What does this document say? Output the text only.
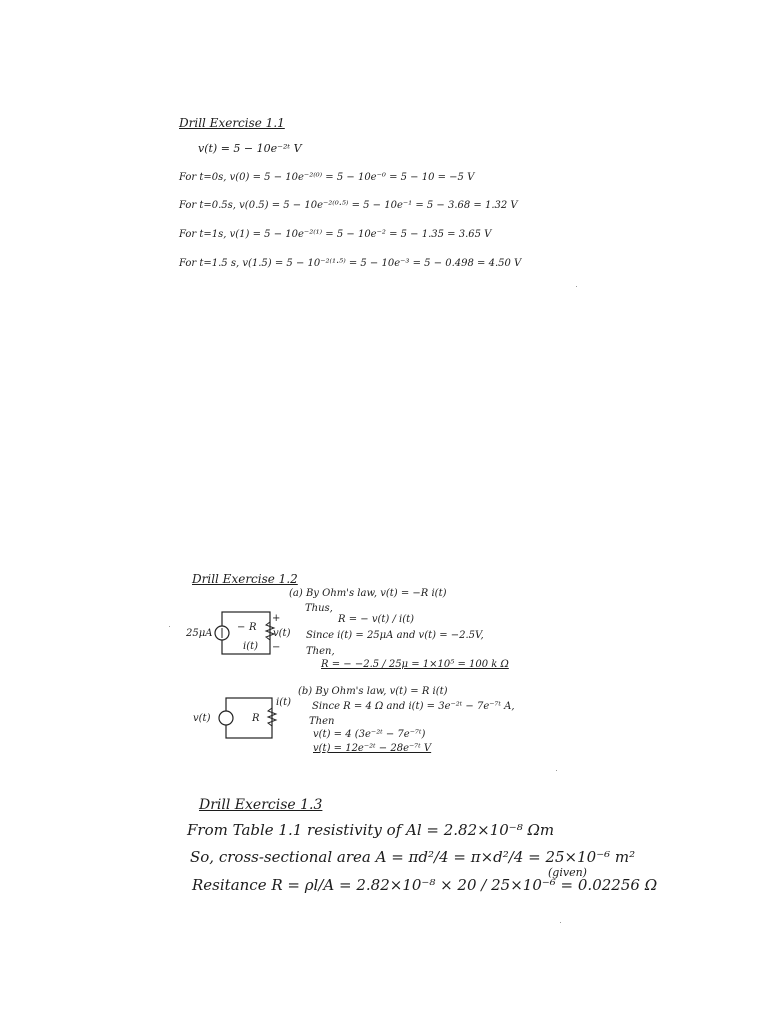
Drill Exercise 1.1
v(t) = 5 − 10e⁻²ᵗ V
For t=0s, v(0) = 5 − 10e⁻²⁽⁰⁾ = 5 − 10e⁻⁰ = 5 − 10 = −5 V
For t=0.5s, v(0.5) = 5 − 10e⁻²⁽⁰·⁵⁾ = 5 − 10e⁻¹ = 5 − 3.68 = 1.32 V
For t=1s, v(1) = 5 − 10e⁻²⁽¹⁾ = 5 − 10e⁻² = 5 − 1.35 = 3.65 V
For t=1.5 s, v(1.5) = 5 − 10⁻²⁽¹·⁵⁾ = 5 − 10e⁻³ = 5 − 0.498 = 4.50 V
Drill Exercise 1.2
25μA
− R
+
v(t)
−
i(t)
(a) By Ohm's law, v(t) = −R i(t)
Thus,
R = − v(t) / i(t)
Since i(t) = 25μA and v(t) = −2.5V,
Then,
R = − −2.5 / 25μ = 1×10⁵ = 100 k Ω
v(t)	R
i(t)
(b) By Ohm's law, v(t) = R i(t)
Since R = 4 Ω and i(t) = 3e⁻²ᵗ − 7e⁻⁷ᵗ A,
Then
v(t) = 4 (3e⁻²ᵗ − 7e⁻⁷ᵗ)
v(t) = 12e⁻²ᵗ − 28e⁻⁷ᵗ V
Drill Exercise 1.3
From Table 1.1 resistivity of Al = 2.82×10⁻⁸ Ωm
So, cross-sectional area A = πd²/4 = π×d²/4 = 25×10⁻⁶ m²
(given)
Resitance R = ρl/A = 2.82×10⁻⁸ × 20 / 25×10⁻⁶ = 0.02256 Ω
